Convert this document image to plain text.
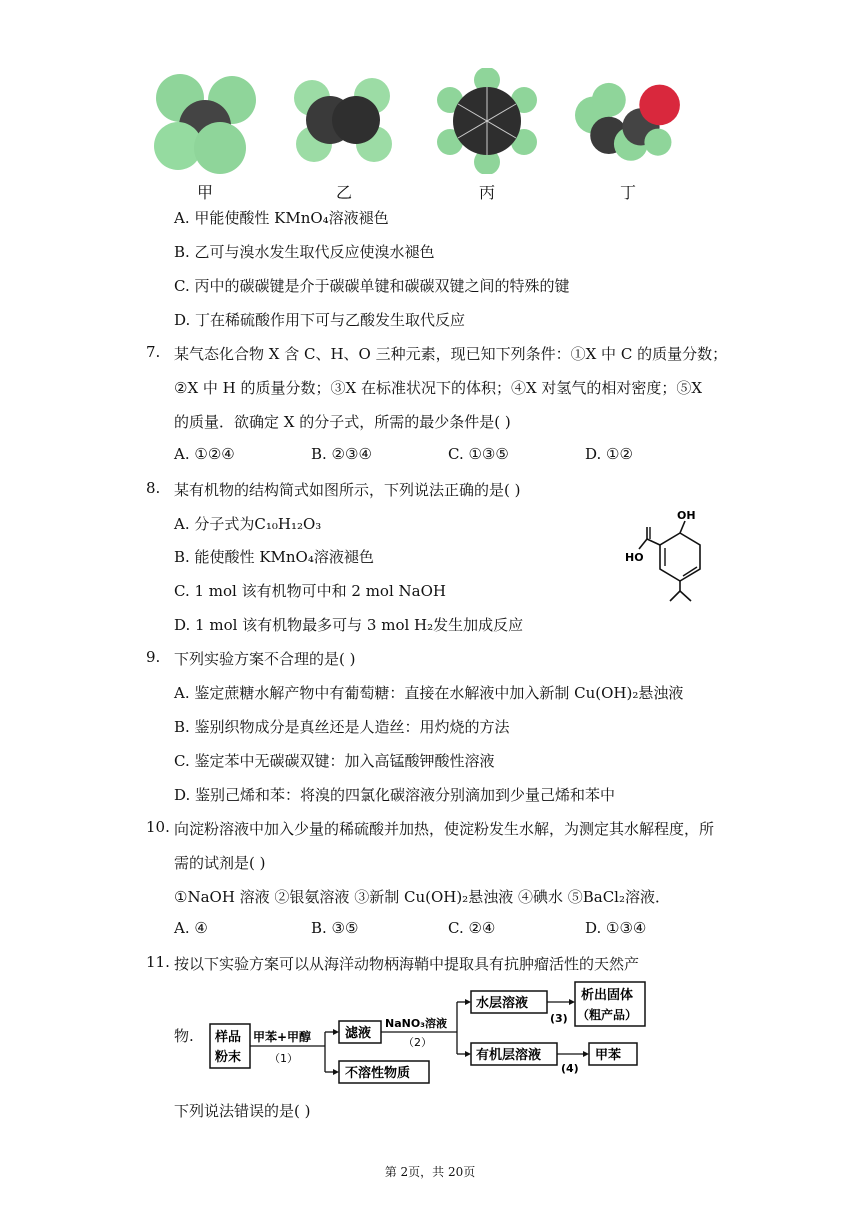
甲	乙	丙	丁
A. 甲能使酸性 KMnO₄溶液褪色
B. 乙可与溴水发生取代反应使溴水褪色
C. 丙中的碳碳键是介于碳碳单键和碳碳双键之间的特殊的键
D. 丁在稀硫酸作用下可与乙酸发生取代反应
7. 某气态化合物 X 含 C、H、O 三种元素，现已知下列条件：①X 中 C 的质量分数；
②X 中 H 的质量分数；③X 在标准状况下的体积；④X 对氢气的相对密度；⑤X
的质量．欲确定 X 的分子式，所需的最少条件是( )
A. ①②④	B. ②③④	C. ①③⑤	D. ①②
8. 某有机物的结构简式如图所示，下列说法正确的是( )
A. 分子式为C₁₀H₁₂O₃
B. 能使酸性 KMnO₄溶液褪色
C. 1 mol 该有机物可中和 2 mol NaOH
D. 1 mol 该有机物最多可与 3 mol H₂发生加成反应
OH
HO
9. 下列实验方案不合理的是( )
A. 鉴定蔗糖水解产物中有葡萄糖：直接在水解液中加入新制 Cu(OH)₂悬浊液
B. 鉴别织物成分是真丝还是人造丝：用灼烧的方法
C. 鉴定苯中无碳碳双键：加入高锰酸钾酸性溶液
D. 鉴别己烯和苯：将溴的四氯化碳溶液分别滴加到少量己烯和苯中
10. 向淀粉溶液中加入少量的稀硫酸并加热，使淀粉发生水解，为测定其水解程度，所
需的试剂是( )
①NaOH 溶液 ②银氨溶液 ③新制 Cu(OH)₂悬浊液 ④碘水 ⑤BaCl₂溶液．
A. ④	B. ③⑤	C. ②④	D. ①③④
11. 按以下实验方案可以从海洋动物柄海鞘中提取具有抗肿瘤活性的天然产
物. 样品
粉末
甲苯+甲醇
（1）
滤液
不溶性物质
NaNO₃溶液
（2）
水层溶液
(3)
析出固体
（粗产品）
有机层溶液
(4)
甲苯
下列说法错误的是( )
第 2页，共 20页
